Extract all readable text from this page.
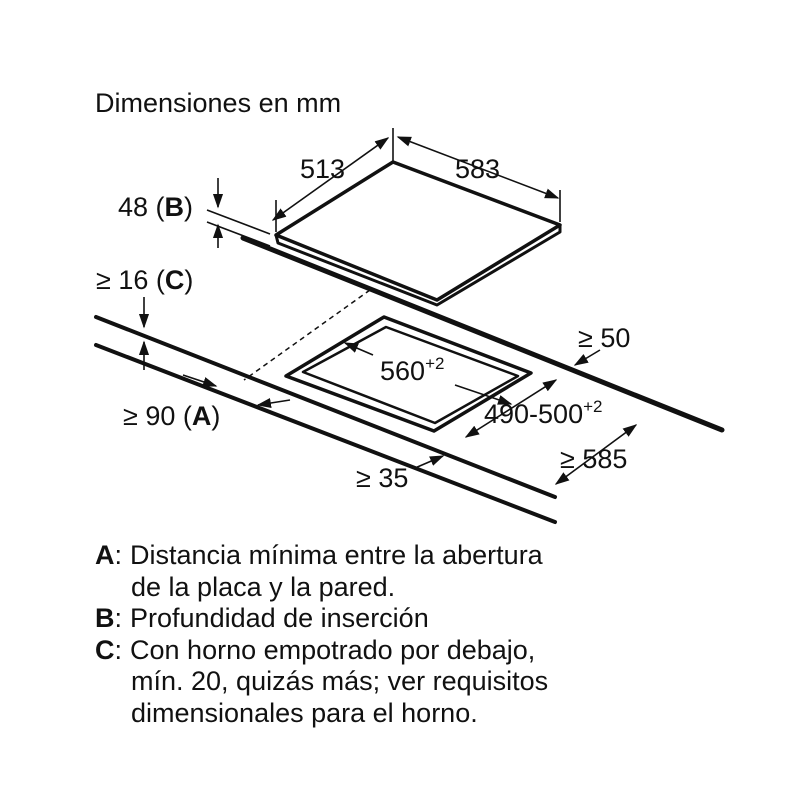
Dimensiones en mm
513	583
48 (B)
≥ 16 (C)
≥ 50
$560^{+2}$
$490-500^{+2}$
≥ 90 (A)
≥ 35
≥ 585
A : Distancia mínima entre la abertura
de la placa y la pared.
B : Profundidad de inserción
C : Con horno empotrado por debajo,
mín. 20, quizás más; ver requisitos
dimensionales para el horno.
